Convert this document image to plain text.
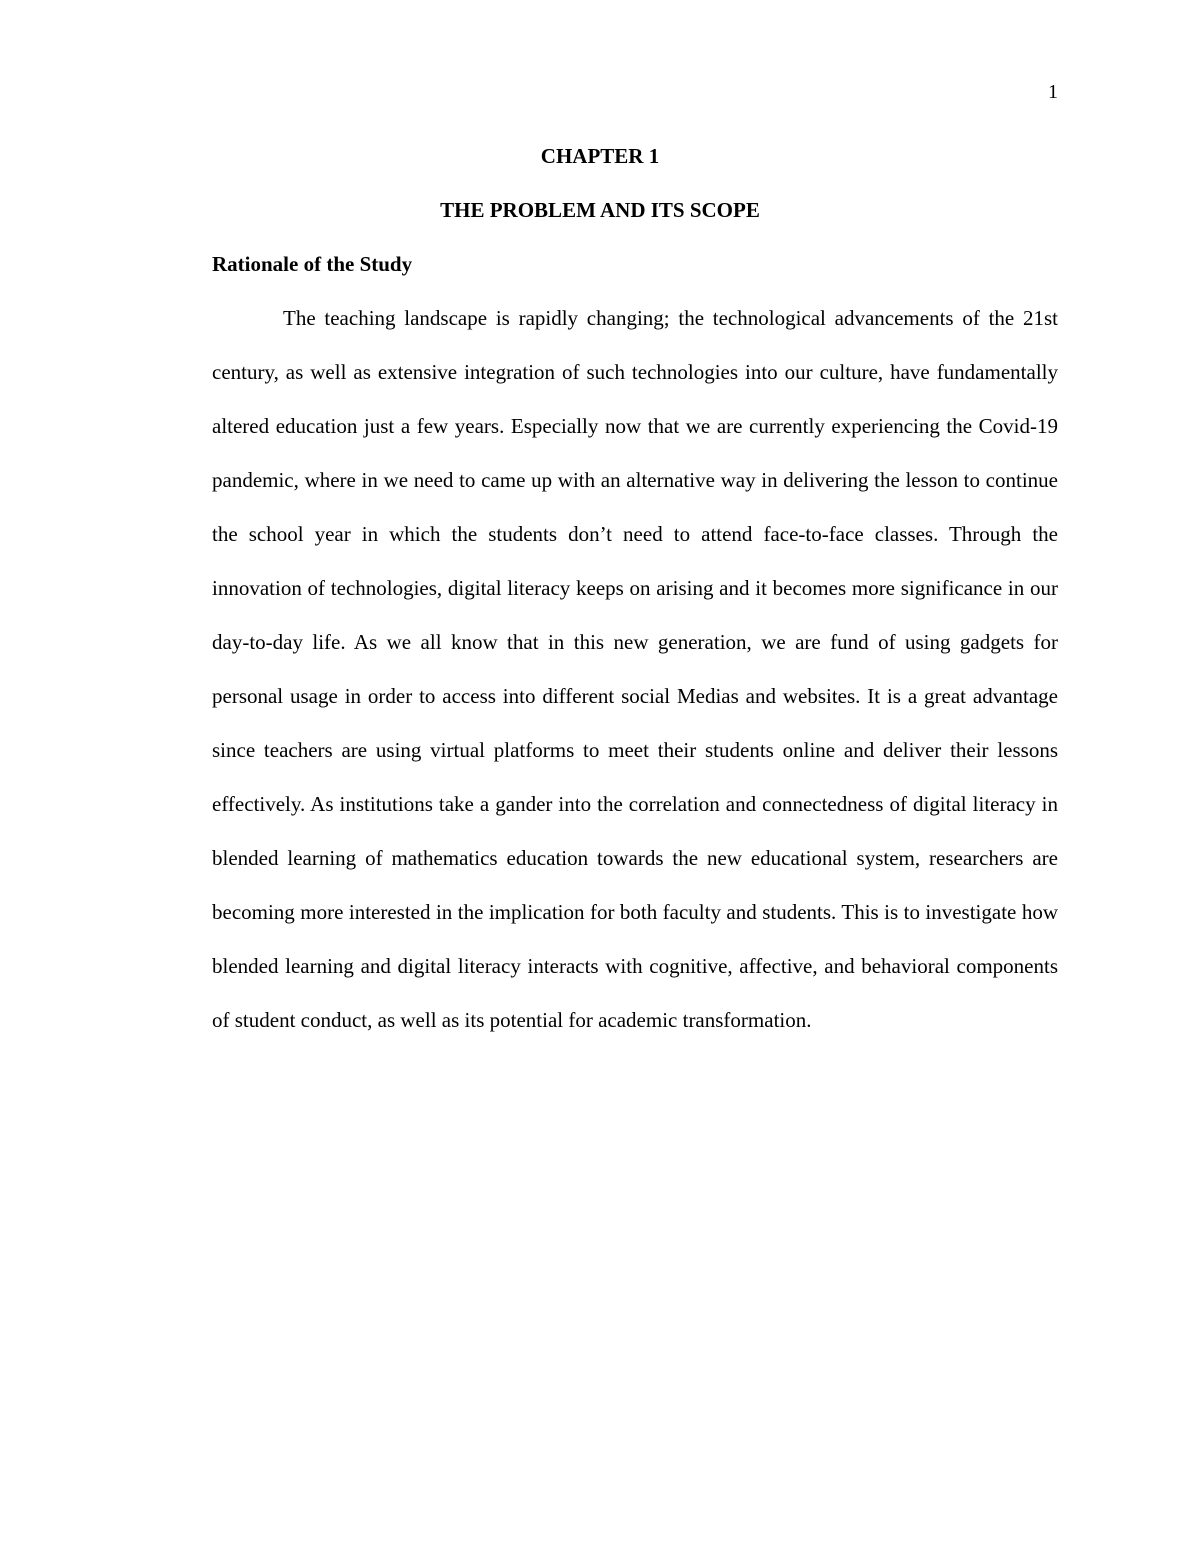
1
CHAPTER 1
THE PROBLEM AND ITS SCOPE
Rationale of the Study

The teaching landscape is rapidly changing; the technological advancements of the 21st century, as well as extensive integration of such technologies into our culture, have fundamentally altered education just a few years. Especially now that we are currently experiencing the Covid-19 pandemic, where in we need to came up with an alternative way in delivering the lesson to continue the school year in which the students don’t need to attend face-to-face classes. Through the innovation of technologies, digital literacy keeps on arising and it becomes more significance in our day-to-day life. As we all know that in this new generation, we are fund of using gadgets for personal usage in order to access into different social Medias and websites. It is a great advantage since teachers are using virtual platforms to meet their students online and deliver their lessons effectively. As institutions take a gander into the correlation and connectedness of digital literacy in blended learning of mathematics education towards the new educational system, researchers are becoming more interested in the implication for both faculty and students. This is to investigate how blended learning and digital literacy interacts with cognitive, affective, and behavioral components of student conduct, as well as its potential for academic transformation.
